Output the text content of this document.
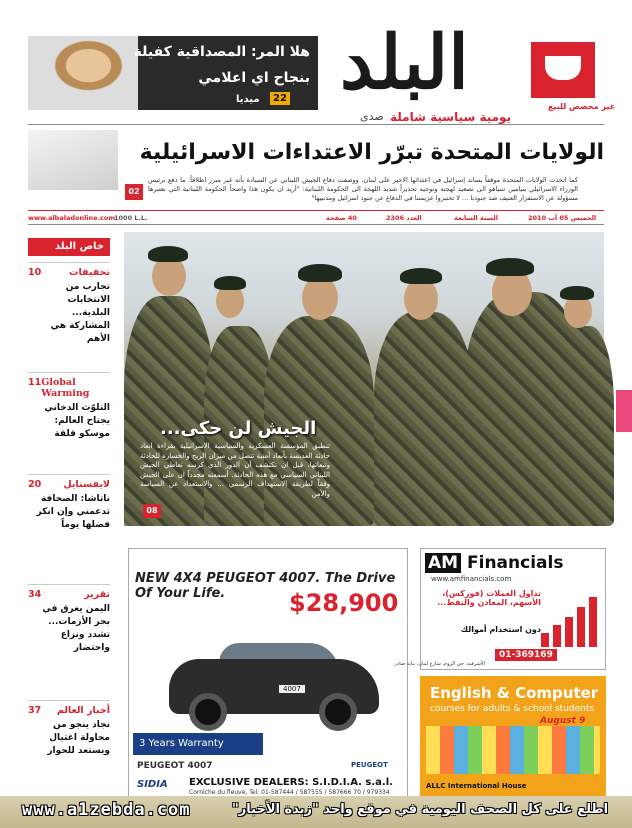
البلد
غير مخصص للبيع
يومية سياسية شاملة
صدى
هلا المر: المصداقية كفيلة
بنجاح اي اعلامي
22
ميديا
الولايات المتحدة تبرّر الاعتداءات الاسرائيلية
كما اتخذت الولايات المتحدة موقفاً يساند إسرائيل في اعتدائها الاخير على لبنان، ووصفت دفاع الجيش اللبناني عن السيادة بأنه غير مبرر اطلاقاً. ما دفع برئيس الوزراء الاسرائيلي بنيامين نتنياهو الى تصعيد لهجته وتوجيه تحذيراً شديد اللهجة الى الحكومة اللبنانية: "أريد ان يكون هذا واضحاً الحكومة اللبنانية التي نعتبرها مسؤولة عن الاستفزاز العنيف ضد جنودنا ... لا تختبروا عزيمتنا في الدفاع عن جنود اسرائيل ومدنييها"
02
www.albaladonline.com
1000 L.L.	40 صفحة	العدد 2306	السنة السابعة	الخميس 05 آب 2010
خاص البلد
تحقيقات
10
تجارب من الانتخابات البلدية... المشاركة هي الأهم
Global Warming
11
التلوّث الدخاني يجتاح العالم: موسكو قلقة
لايفستايل
20
ناتاشا: الصحافة تدعمني وإن انكر فضلها يوماً
تقرير
34
اليمن يغرق في بحر الأزمات... تشدد ونزاع واحتضار
أخبار العالم
37
نجاد ينجو من محاولة اغتيال ويستعد للحوار
الجيش لن حكى...
تنطبق المؤسسة العسكرية والسياسية الاسرائيلية بقراءة ابعاد حادثة العديسة بأبعاد أمنية تتصل من ميزان الربح والخسارة للحادثة وتبعاتها، قبل ان تكتشف أن الدور الذي كرسه تعاطي الجيش اللبناني السياسي مع هذه الحادثة. أسمعته مجدداً ان على الجيش وفقاً لطريقة الاستهداف الرسمي ... والاستعداد عن السياسة والأمن
08
NEW 4X4 PEUGEOT 4007. The Drive Of Your Life.	$28,900
4007
3 Years Warranty
PEUGEOT 4007	PEUGEOT
SIDIA EXCLUSIVE DEALERS: S.I.D.I.A. s.a.l.
Corniche du fleuve, Tel: 01-587444 / 587555 / 587666 70 / 979334
AM Financials
www.amfinancials.com
تداول العملات (فوركس)، الأسهم، المعادن والنفط...
دون استخدام أموالك
الأشرفية، حي الروم، شارع لبنان، بناية صادر
01-369169
English & Computer
courses for adults & school students
August 9
ALLC International House
www.a1zebda.com	اطلع على كل الصحف اليومية في موقع واحد "زبدة الأخبار"
